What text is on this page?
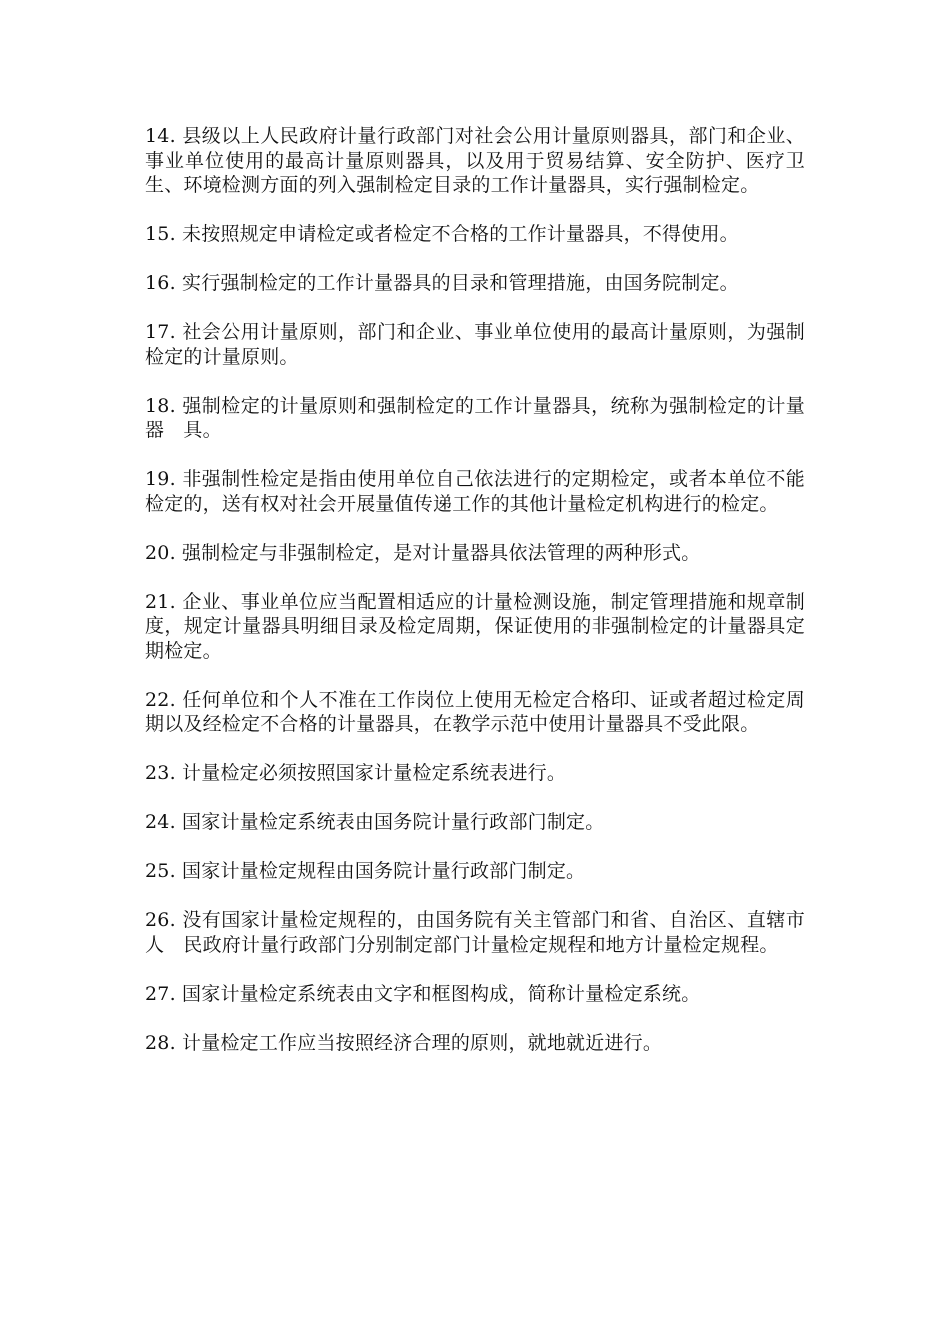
14. 县级以上人民政府计量行政部门对社会公用计量原则器具，部门和企业、事业单位使用的最高计量原则器具，以及用于贸易结算、安全防护、医疗卫生、环境检测方面的列入强制检定目录的工作计量器具，实行强制检定。

15. 未按照规定申请检定或者检定不合格的工作计量器具，不得使用。

16. 实行强制检定的工作计量器具的目录和管理措施，由国务院制定。

17. 社会公用计量原则，部门和企业、事业单位使用的最高计量原则，为强制检定的计量原则。

18. 强制检定的计量原则和强制检定的工作计量器具，统称为强制检定的计量器　具。

19. 非强制性检定是指由使用单位自己依法进行的定期检定，或者本单位不能检定的，送有权对社会开展量值传递工作的其他计量检定机构进行的检定。

20. 强制检定与非强制检定，是对计量器具依法管理的两种形式。

21. 企业、事业单位应当配置相适应的计量检测设施，制定管理措施和规章制度，规定计量器具明细目录及检定周期，保证使用的非强制检定的计量器具定期检定。

22. 任何单位和个人不准在工作岗位上使用无检定合格印、证或者超过检定周期以及经检定不合格的计量器具，在教学示范中使用计量器具不受此限。

23. 计量检定必须按照国家计量检定系统表进行。

24. 国家计量检定系统表由国务院计量行政部门制定。

25. 国家计量检定规程由国务院计量行政部门制定。

26. 没有国家计量检定规程的，由国务院有关主管部门和省、自治区、直辖市人　民政府计量行政部门分别制定部门计量检定规程和地方计量检定规程。

27. 国家计量检定系统表由文字和框图构成，简称计量检定系统。

28. 计量检定工作应当按照经济合理的原则，就地就近进行。
